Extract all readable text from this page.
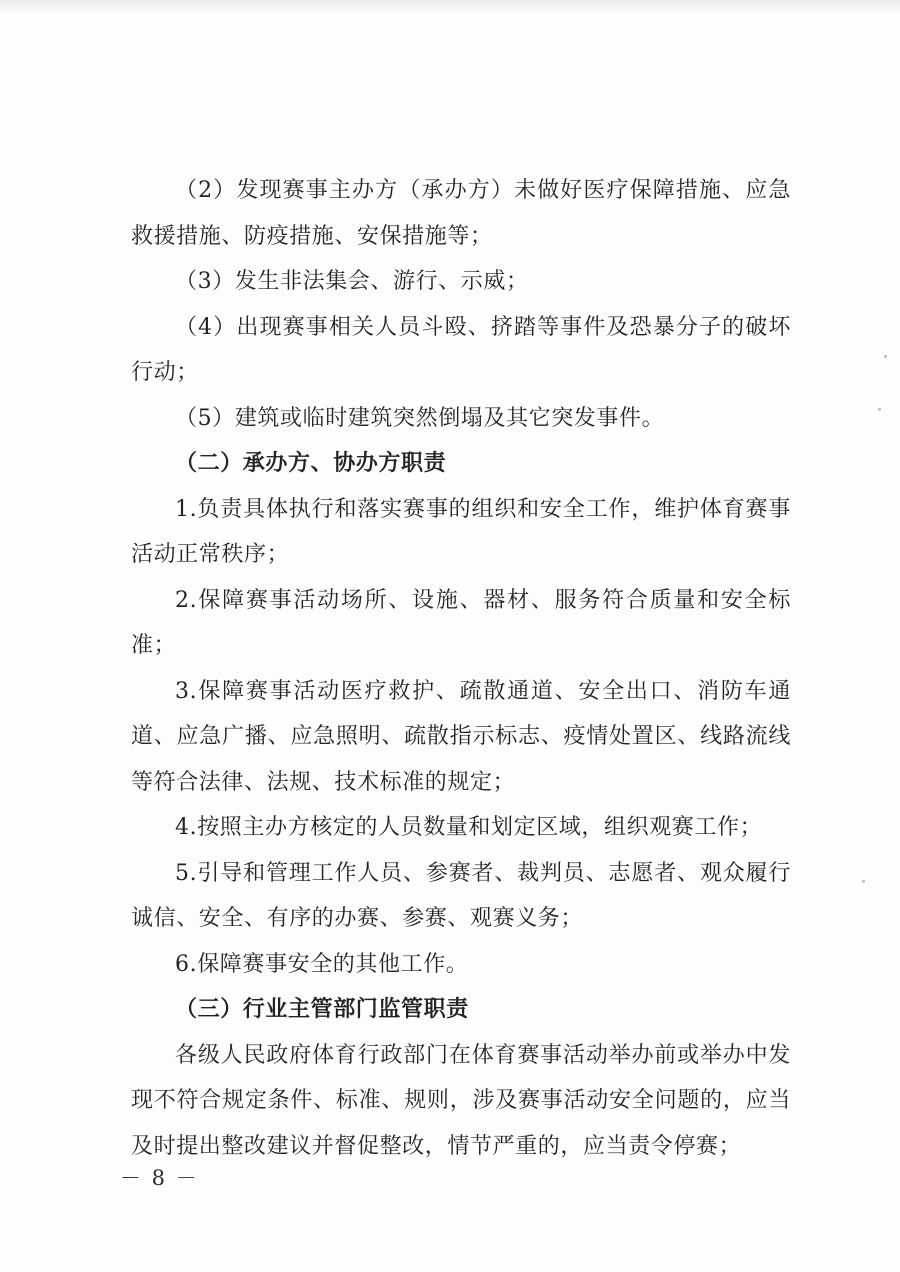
（2）发现赛事主办方（承办方）未做好医疗保障措施、应急救援措施、防疫措施、安保措施等；

（3）发生非法集会、游行、示威；

（4）出现赛事相关人员斗殴、挤踏等事件及恐暴分子的破坏行动；

（5）建筑或临时建筑突然倒塌及其它突发事件。

（二）承办方、协办方职责

1.负责具体执行和落实赛事的组织和安全工作，维护体育赛事活动正常秩序；

2.保障赛事活动场所、设施、器材、服务符合质量和安全标准；

3.保障赛事活动医疗救护、疏散通道、安全出口、消防车通道、应急广播、应急照明、疏散指示标志、疫情处置区、线路流线等符合法律、法规、技术标准的规定；

4.按照主办方核定的人员数量和划定区域，组织观赛工作；

5.引导和管理工作人员、参赛者、裁判员、志愿者、观众履行诚信、安全、有序的办赛、参赛、观赛义务；

6.保障赛事安全的其他工作。

（三）行业主管部门监管职责

各级人民政府体育行政部门在体育赛事活动举办前或举办中发现不符合规定条件、标准、规则，涉及赛事活动安全问题的，应当及时提出整改建议并督促整改，情节严重的，应当责令停赛；

－ 8 －
